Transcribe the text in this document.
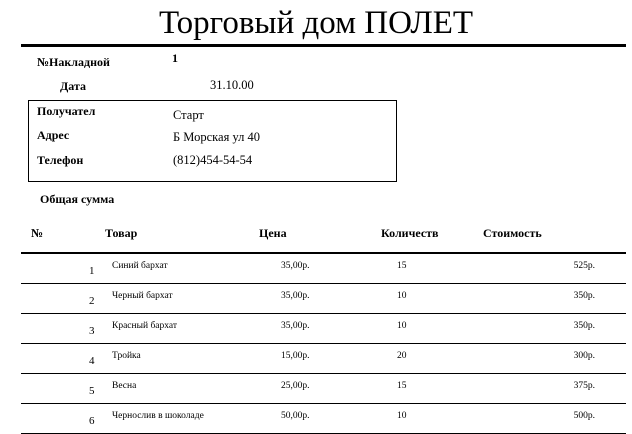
Торговый дом ПОЛЕТ
№Накладной	1
Дата	31.10.00
Получател	Старт
Адрес	Б Морская ул 40
Телефон	(812)454-54-54
Общая сумма
№	Товар	Цена	Количеств	Стоимость
1 Синий бархат	35,00р.	15	525р.
2 Черный бархат	35,00р.	10	350р.
3 Красный бархат	35,00р.	10	350р.
4 Тройка	15,00р.	20	300р.
5 Весна	25,00р.	15	375р.
6 Чернослив в шоколаде	50,00р.	10	500р.
